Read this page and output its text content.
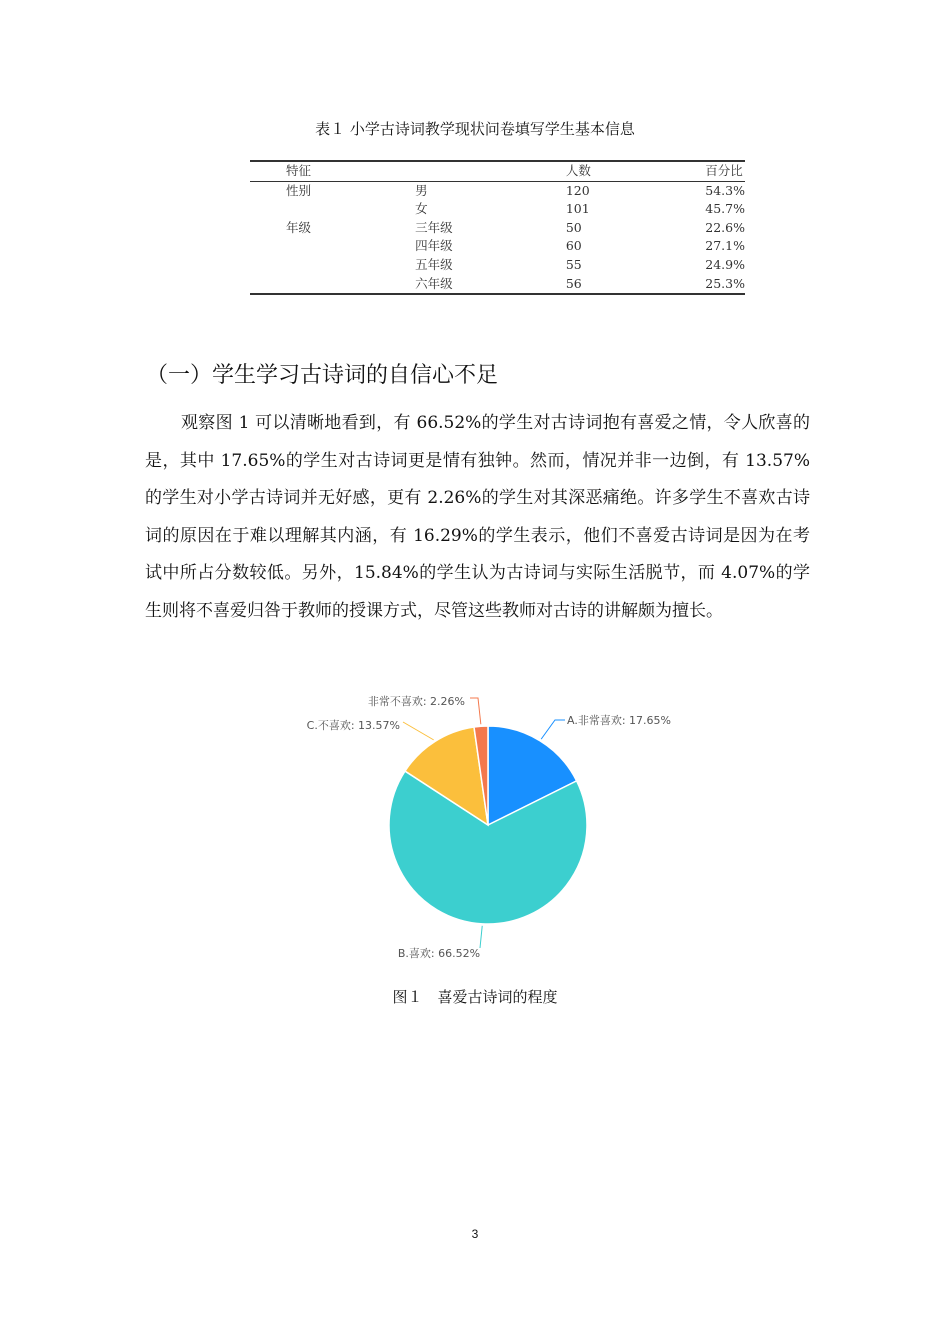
表１ 小学古诗词教学现状问卷填写学生基本信息
特征		人数	百分比
性别	男	120	54.3%
	女	101	45.7%
年级	三年级	50	22.6%
	四年级	60	27.1%
	五年级	55	24.9%
	六年级	56	25.3%
（一）学生学习古诗词的自信心不足

观察图 1 可以清晰地看到，有 66.52%的学生对古诗词抱有喜爱之情，令人欣喜的是，其中 17.65%的学生对古诗词更是情有独钟。然而，情况并非一边倒，有 13.57%的学生对小学古诗词并无好感，更有 2.26%的学生对其深恶痛绝。许多学生不喜欢古诗词的原因在于难以理解其内涵，有 16.29%的学生表示，他们不喜爱古诗词是因为在考试中所占分数较低。另外，15.84%的学生认为古诗词与实际生活脱节，而 4.07%的学生则将不喜爱归咎于教师的授课方式，尽管这些教师对古诗的讲解颇为擅长。

A.非常喜欢: 17.65%
B.喜欢: 66.52%
C.不喜欢: 13.57%
非常不喜欢: 2.26%
图１　喜爱古诗词的程度
3
